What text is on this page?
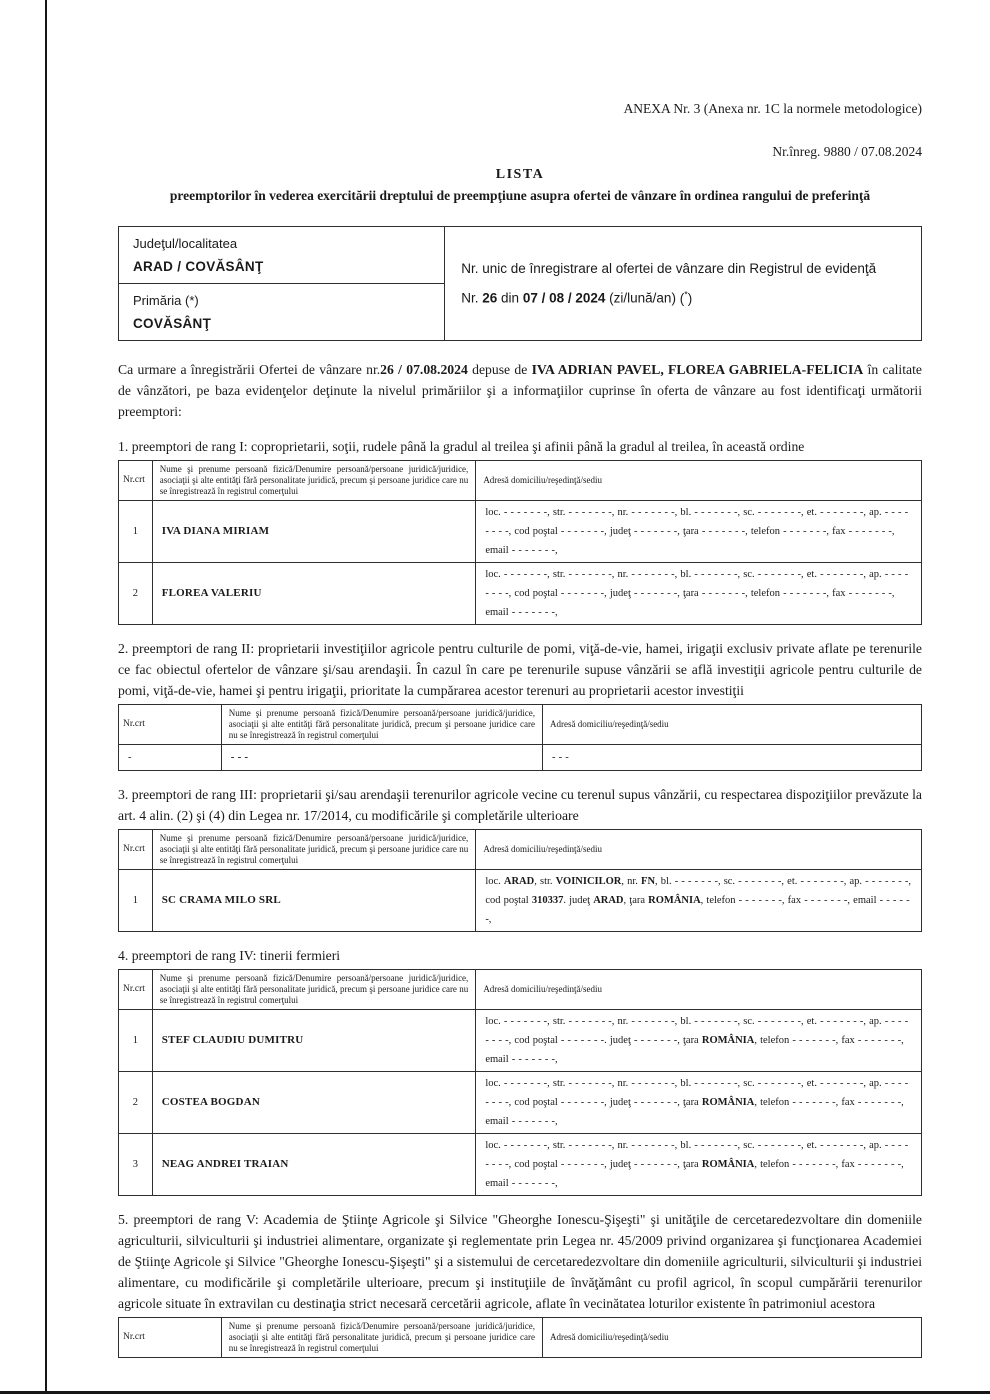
ANEXA Nr. 3 (Anexa nr. 1C la normele metodologice)
Nr.înreg. 9880 / 07.08.2024
LISTA
preemptorilor în vederea exercitării dreptului de preempţiune asupra ofertei de vânzare în ordinea rangului de preferinţă
Judeţul/localitatea
ARAD / COVĂSÂNŢ	Nr. unic de înregistrare al ofertei de vânzare din Registrul de evidenţă
Nr. 26 din 07 / 08 / 2024 (zi/lună/an) (*)

Primăria (*)
COVĂSÂNŢ

Ca urmare a înregistrării Ofertei de vânzare nr.26 / 07.08.2024 depuse de IVA ADRIAN PAVEL, FLOREA GABRIELA-FELICIA în calitate de vânzători, pe baza evidenţelor deţinute la nivelul primăriilor şi a informaţiilor cuprinse în oferta de vânzare au fost identificaţi următorii preemptori:

1. preemptori de rang I: coproprietarii, soţii, rudele până la gradul al treilea şi afinii până la gradul al treilea, în această ordine
Nr.crt	Nume şi prenume persoană fizică/Denumire persoană/persoane juridică/juridice, asociaţii şi alte entităţi fără personalitate juridică, precum şi persoane juridice care nu se înregistrează în registrul comerţului	Adresă domiciliu/reşedinţă/sediu
1	IVA DIANA MIRIAM	loc. - - - - - - -, str. - - - - - - -, nr. - - - - - - -, bl. - - - - - - -, sc. - - - - - - -, et. - - - - - - -, ap. - - - - - - - -, cod poştal - - - - - - -, judeţ - - - - - - -, ţara - - - - - - -, telefon - - - - - - -, fax - - - - - - -, email - - - - - - -,
2	FLOREA VALERIU	loc. - - - - - - -, str. - - - - - - -, nr. - - - - - - -, bl. - - - - - - -, sc. - - - - - - -, et. - - - - - - -, ap. - - - - - - - -, cod poştal - - - - - - -, judeţ - - - - - - -, ţara - - - - - - -, telefon - - - - - - -, fax - - - - - - -, email - - - - - - -,
2. preemptori de rang II: proprietarii investiţiilor agricole pentru culturile de pomi, viţă-de-vie, hamei, irigaţii exclusiv private aflate pe terenurile ce fac obiectul ofertelor de vânzare şi/sau arendaşii. În cazul în care pe terenurile supuse vânzării se află investiţii agricole pentru culturile de pomi, viţă-de-vie, hamei şi pentru irigaţii, prioritate la cumpărarea acestor terenuri au proprietarii acestor investiţii
Nr.crt	Nume şi prenume persoană fizică/Denumire persoană/persoane juridică/juridice, asociaţii şi alte entităţi fără personalitate juridică, precum şi persoane juridice care nu se înregistrează în registrul comerţului	Adresă domiciliu/reşedinţă/sediu
-	- - -	- - -
3. preemptori de rang III: proprietarii şi/sau arendaşii terenurilor agricole vecine cu terenul supus vânzării, cu respectarea dispoziţiilor prevăzute la art. 4 alin. (2) şi (4) din Legea nr. 17/2014, cu modificările şi completările ulterioare
Nr.crt	Nume şi prenume persoană fizică/Denumire persoană/persoane juridică/juridice, asociaţii şi alte entităţi fără personalitate juridică, precum şi persoane juridice care nu se înregistrează în registrul comerţului	Adresă domiciliu/reşedinţă/sediu
1	SC CRAMA MILO SRL	loc. ARAD, str. VOINICILOR, nr. FN, bl. - - - - - - -, sc. - - - - - - -, et. - - - - - - -, ap. - - - - - - -, cod poştal 310337. judeţ ARAD, ţara ROMÂNIA, telefon - - - - - - -, fax - - - - - - -, email - - - - - -,
4. preemptori de rang IV: tinerii fermieri
Nr.crt	Nume şi prenume persoană fizică/Denumire persoană/persoane juridică/juridice, asociaţii şi alte entităţi fără personalitate juridică, precum şi persoane juridice care nu se înregistrează în registrul comerţului	Adresă domiciliu/reşedinţă/sediu
1	STEF CLAUDIU DUMITRU	loc. - - - - - - -, str. - - - - - - -, nr. - - - - - - -, bl. - - - - - - -, sc. - - - - - - -, et. - - - - - - -, ap. - - - - - - - -, cod poştal - - - - - - -. judeţ - - - - - - -, ţara ROMÂNIA, telefon - - - - - - -, fax - - - - - - -, email - - - - - - -,
2	COSTEA BOGDAN	loc. - - - - - - -, str. - - - - - - -, nr. - - - - - - -, bl. - - - - - - -, sc. - - - - - - -, et. - - - - - - -, ap. - - - - - - - -, cod poştal - - - - - - -, judeţ - - - - - - -, ţara ROMÂNIA, telefon - - - - - - -, fax - - - - - - -, email - - - - - - -,
3	NEAG ANDREI TRAIAN	loc. - - - - - - -, str. - - - - - - -, nr. - - - - - - -, bl. - - - - - - -, sc. - - - - - - -, et. - - - - - - -, ap. - - - - - - - -, cod poştal - - - - - - -, judeţ - - - - - - -, ţara ROMÂNIA, telefon - - - - - - -, fax - - - - - - -, email - - - - - - -,
5. preemptori de rang V: Academia de Ştiinţe Agricole şi Silvice "Gheorghe Ionescu-Şişeşti" şi unităţile de cercetaredezvoltare din domeniile agriculturii, silviculturii şi industriei alimentare, organizate şi reglementate prin Legea nr. 45/2009 privind organizarea şi funcţionarea Academiei de Ştiinţe Agricole şi Silvice "Gheorghe Ionescu-Şişeşti" şi a sistemului de cercetaredezvoltare din domeniile agriculturii, silviculturii şi industriei alimentare, cu modificările şi completările ulterioare, precum şi instituţiile de învăţământ cu profil agricol, în scopul cumpărării terenurilor agricole situate în extravilan cu destinaţia strict necesară cercetării agricole, aflate în vecinătatea loturilor existente în patrimoniul acestora
Nr.crt	Nume şi prenume persoană fizică/Denumire persoană/persoane juridică/juridice, asociaţii şi alte entităţi fără personalitate juridică, precum şi persoane juridice care nu se înregistrează în registrul comerţului	Adresă domiciliu/reşedinţă/sediu
